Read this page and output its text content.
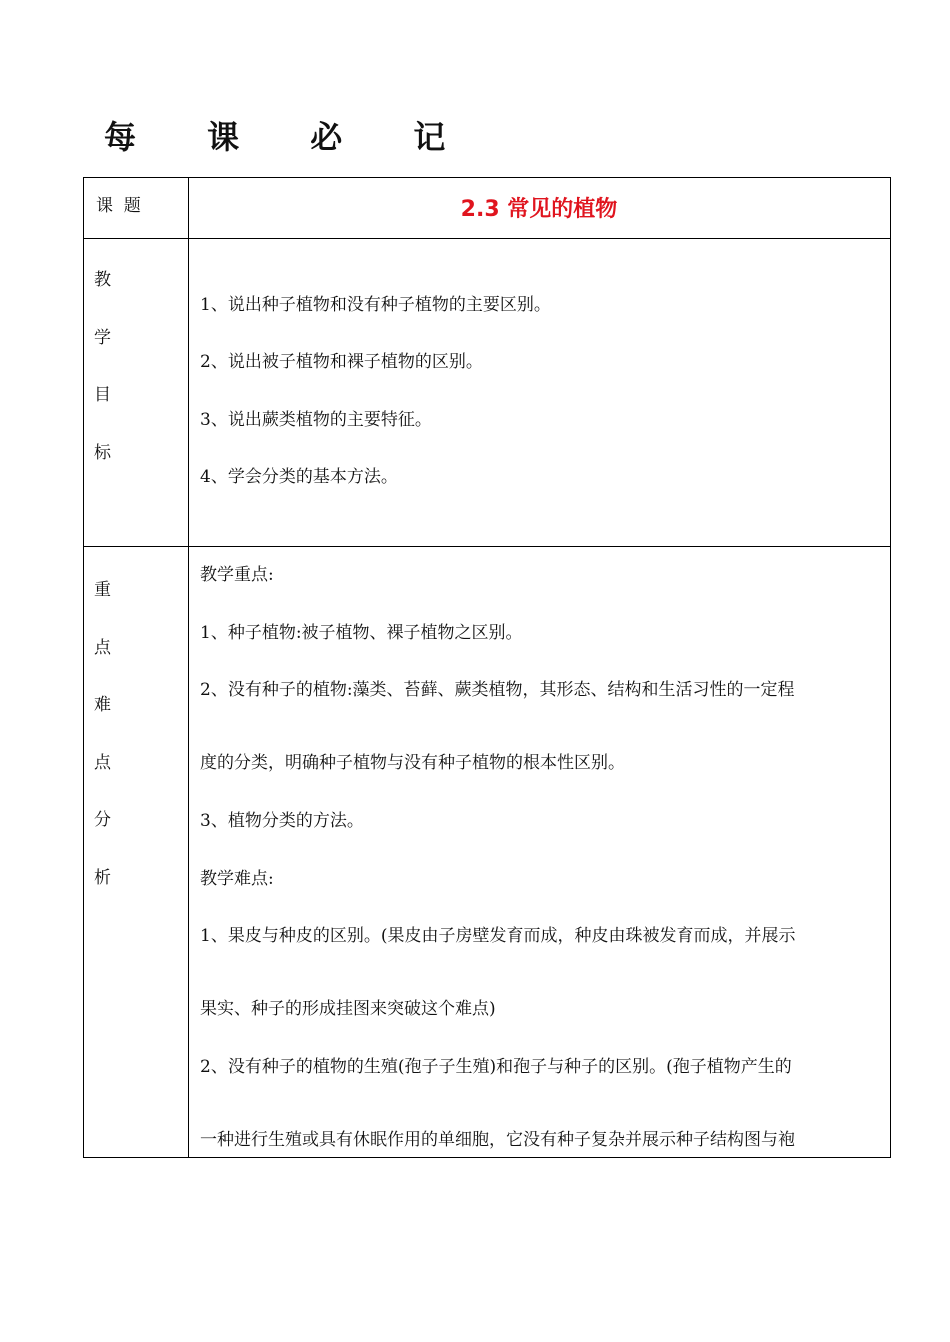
每 课 必 记
课  题	2.3 常见的植物
教
学
目
标
1、说出种子植物和没有种子植物的主要区别。
2、说出被子植物和裸子植物的区别。
3、说出蕨类植物的主要特征。
4、学会分类的基本方法。
重
点
难
点
分
析
教学重点:
1、种子植物:被子植物、裸子植物之区别。
2、没有种子的植物:藻类、苔藓、蕨类植物，其形态、结构和生活习性的一定程
度的分类，明确种子植物与没有种子植物的根本性区别。
3、植物分类的方法。
教学难点:
1、果皮与种皮的区别。(果皮由子房壁发育而成，种皮由珠被发育而成，并展示
果实、种子的形成挂图来突破这个难点)
2、没有种子的植物的生殖(孢子子生殖)和孢子与种子的区别。(孢子植物产生的
一种进行生殖或具有休眠作用的单细胞，它没有种子复杂并展示种子结构图与袍
